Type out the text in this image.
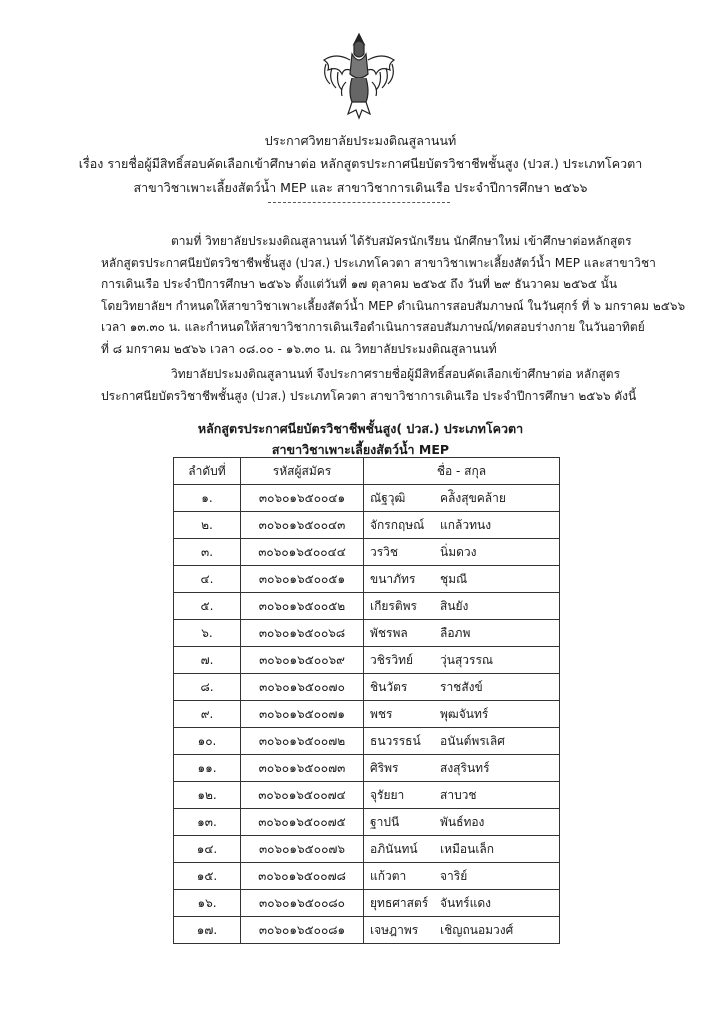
ประกาศวิทยาลัยประมงติณสูลานนท์
เรื่อง รายชื่อผู้มีสิทธิ์สอบคัดเลือกเข้าศึกษาต่อ หลักสูตรประกาศนียบัตรวิชาชีพชั้นสูง (ปวส.) ประเภทโควตา
สาขาวิชาเพาะเลี้ยงสัตว์น้ำ MEP และ สาขาวิชาการเดินเรือ ประจำปีการศึกษา ๒๕๖๖

ตามที่ วิทยาลัยประมงติณสูลานนท์ ได้รับสมัครนักเรียน นักศึกษาใหม่ เข้าศึกษาต่อหลักสูตร

หลักสูตรประกาศนียบัตรวิชาชีพชั้นสูง (ปวส.) ประเภทโควตา สาขาวิชาเพาะเลี้ยงสัตว์น้ำ MEP และสาขาวิชา

การเดินเรือ ประจำปีการศึกษา ๒๕๖๖ ตั้งแต่วันที่ ๑๗ ตุลาคม ๒๕๖๕ ถึง วันที่ ๒๙ ธันวาคม ๒๕๖๕ นั้น

โดยวิทยาลัยฯ กำหนดให้สาขาวิชาเพาะเลี้ยงสัตว์น้ำ MEP ดำเนินการสอบสัมภาษณ์ ในวันศุกร์ ที่ ๖ มกราคม ๒๕๖๖

เวลา ๑๓.๓๐ น. และกำหนดให้สาขาวิชาการเดินเรือดำเนินการสอบสัมภาษณ์/ทดสอบร่างกาย ในวันอาทิตย์

ที่ ๘ มกราคม ๒๕๖๖ เวลา ๐๘.๐๐ - ๑๖.๓๐ น. ณ วิทยาลัยประมงติณสูลานนท์

วิทยาลัยประมงติณสูลานนท์ จึงประกาศรายชื่อผู้มีสิทธิ์สอบคัดเลือกเข้าศึกษาต่อ หลักสูตร

ประกาศนียบัตรวิชาชีพชั้นสูง (ปวส.) ประเภทโควตา สาขาวิชาการเดินเรือ ประจำปีการศึกษา ๒๕๖๖ ดังนี้

หลักสูตรประกาศนียบัตรวิชาชีพชั้นสูง( ปวส.) ประเภทโควตา
สาขาวิชาเพาะเลี้ยงสัตว์น้ำ MEP
ลำดับที่	รหัสผู้สมัคร	ชื่อ - สกุล
๑.	๓๐๖๐๑๖๕๐๐๔๑	ณัฐวุฒิ คล้ิงสุขคล้าย
๒.	๓๐๖๐๑๖๕๐๐๔๓	จักรกฤษณ์ แกล้วทนง
๓.	๓๐๖๐๑๖๕๐๐๔๔	วรวิช นิ่มดวง
๔.	๓๐๖๐๑๖๕๐๐๕๑	ขนาภัทร ชุมณี
๕.	๓๐๖๐๑๖๕๐๐๕๒	เกียรติพร สินยัง
๖.	๓๐๖๐๑๖๕๐๐๖๘	พัชรพล ลือภพ
๗.	๓๐๖๐๑๖๕๐๐๖๙	วชิรวิทย์ วุ่นสุวรรณ
๘.	๓๐๖๐๑๖๕๐๐๗๐	ชินวัตร ราชสังข์
๙.	๓๐๖๐๑๖๕๐๐๗๑	พชร พุฒจันทร์
๑๐.	๓๐๖๐๑๖๕๐๐๗๒	ธนวรรธน์ อนันต์พรเลิศ
๑๑.	๓๐๖๐๑๖๕๐๐๗๓	ศิริพร สงสุรินทร์
๑๒.	๓๐๖๐๑๖๕๐๐๗๔	จุรัยยา สาบวช
๑๓.	๓๐๖๐๑๖๕๐๐๗๕	ฐาปนี พันธ์ทอง
๑๔.	๓๐๖๐๑๖๕๐๐๗๖	อภินันทน์ เหมือนเล็ก
๑๕.	๓๐๖๐๑๖๕๐๐๗๘	แก้วตา จาริย์
๑๖.	๓๐๖๐๑๖๕๐๐๘๐	ยุทธศาสตร์ จันทร์แดง
๑๗.	๓๐๖๐๑๖๕๐๐๘๑	เจษฎาพร เชิญถนอมวงศ์
